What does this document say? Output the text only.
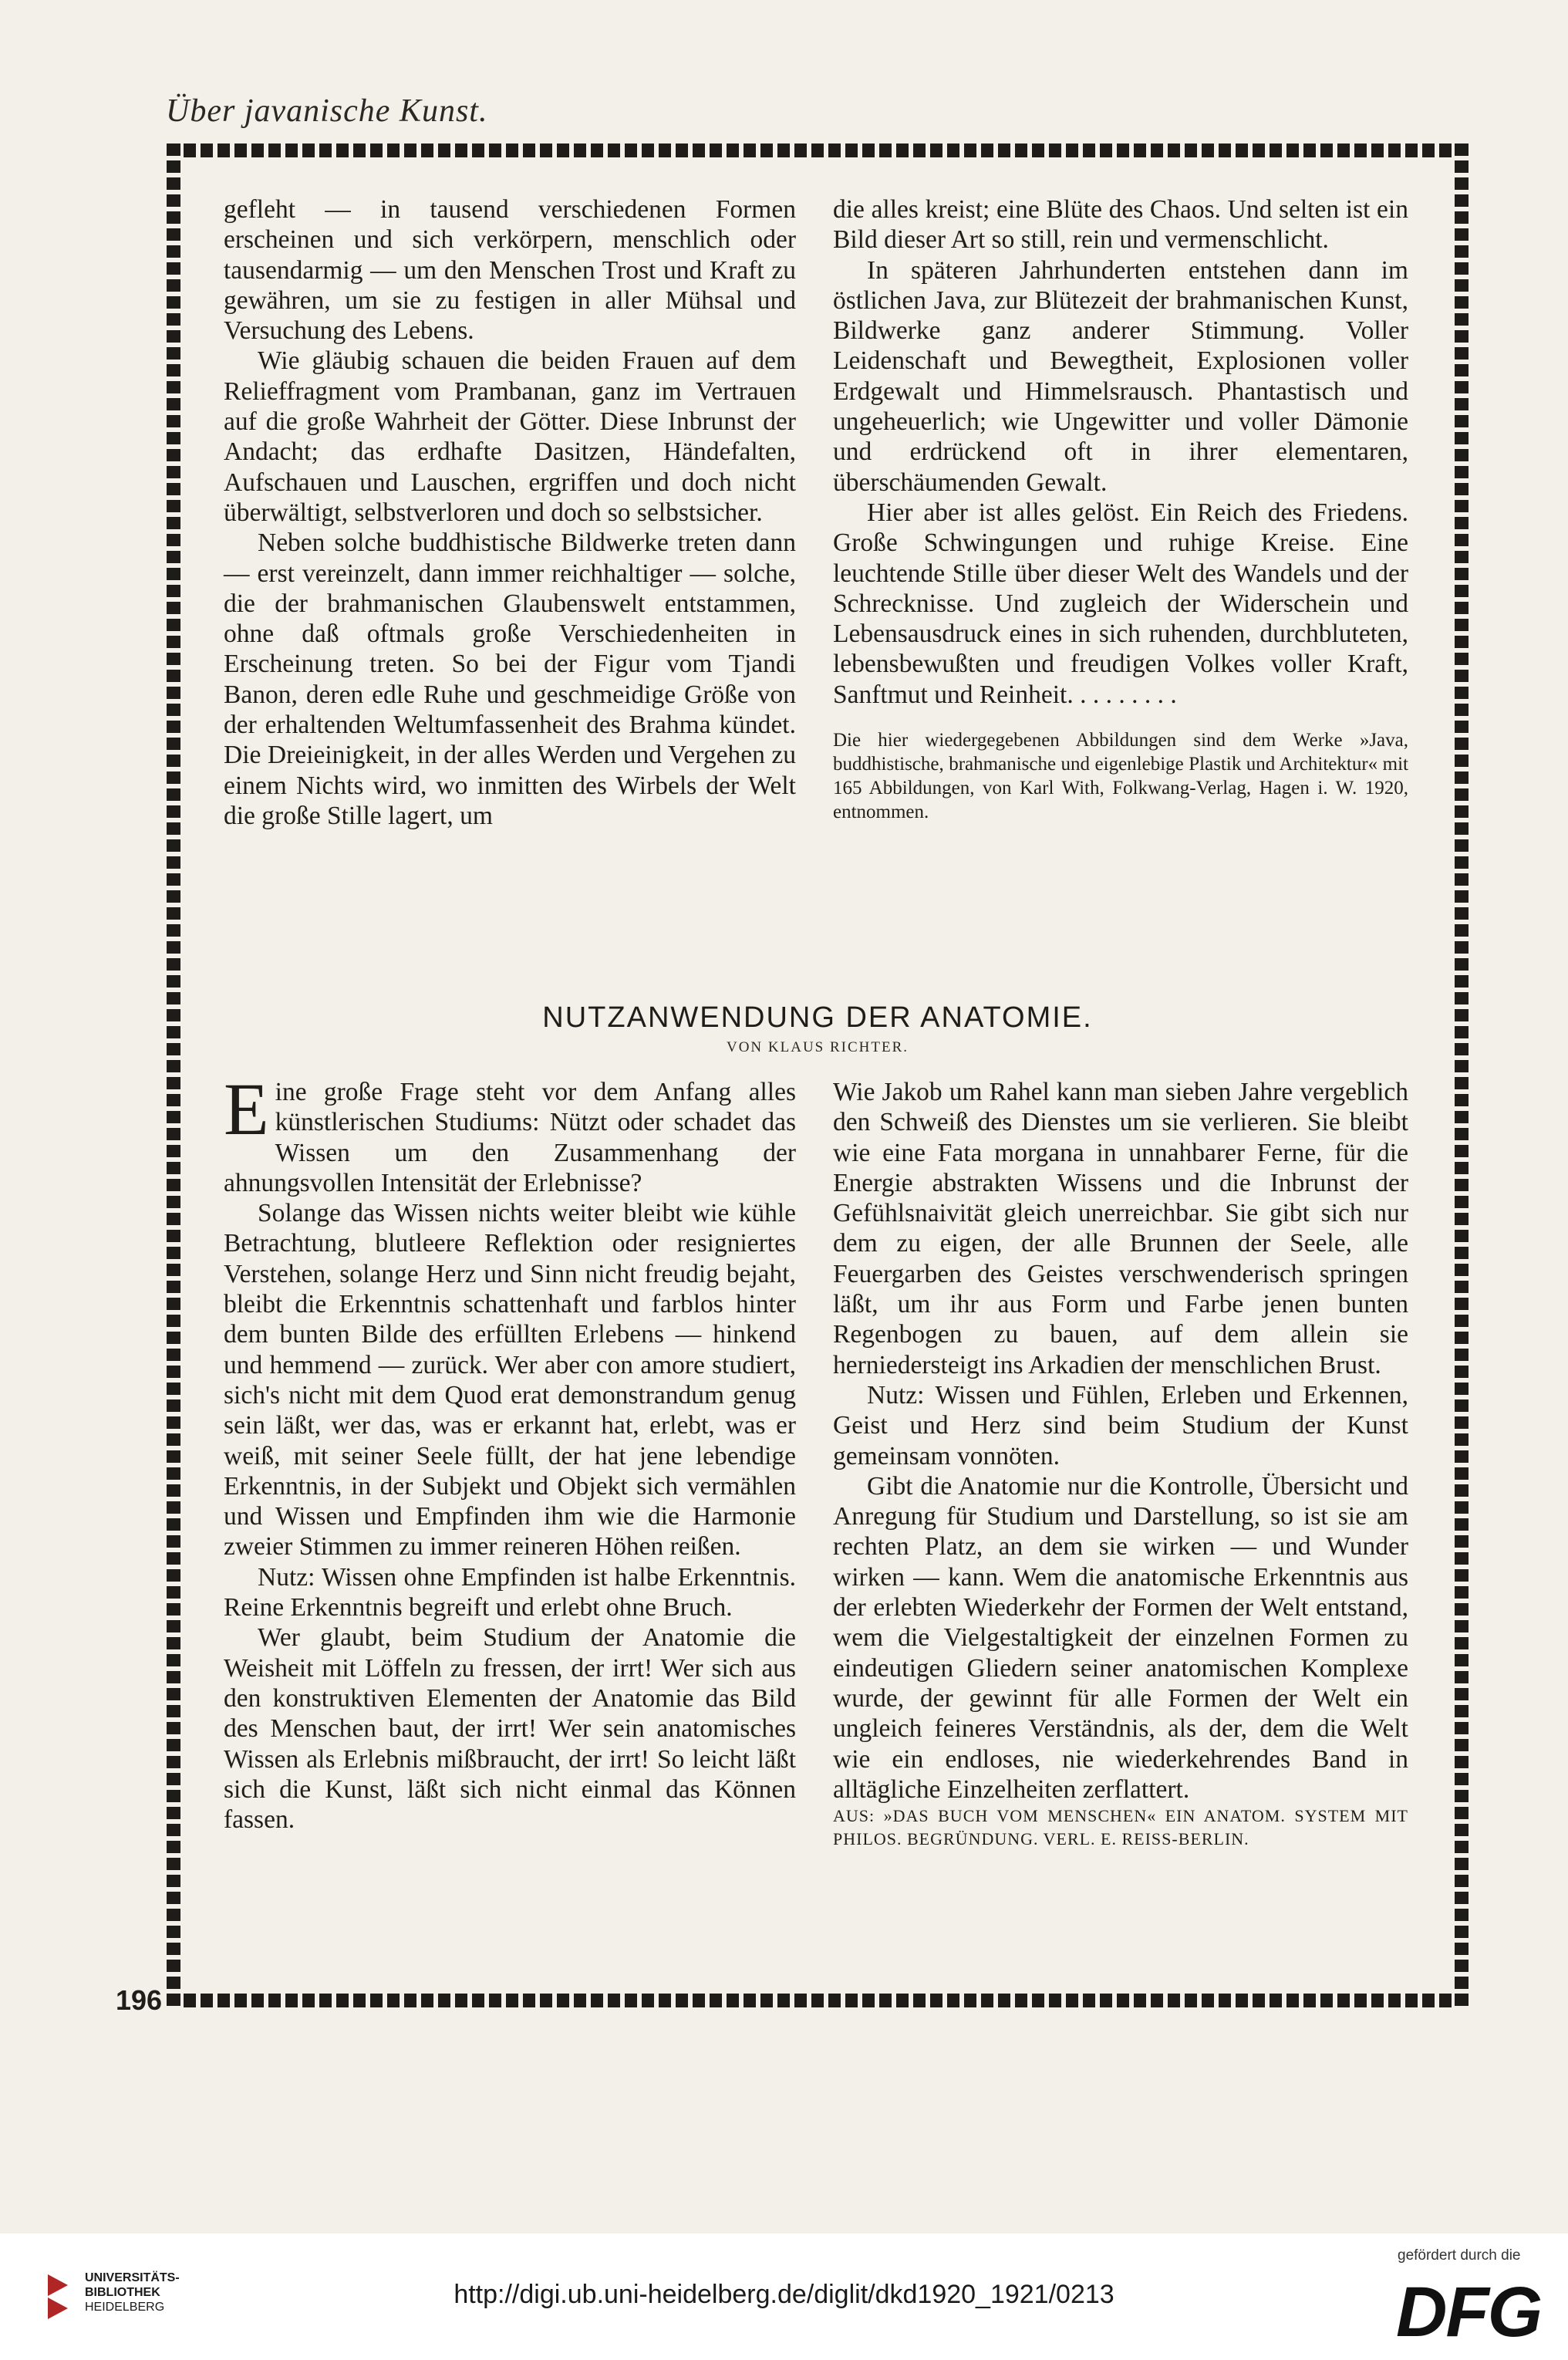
Über javanische Kunst.

gefleht — in tausend verschiedenen Formen erscheinen und sich verkörpern, menschlich oder tausendarmig — um den Menschen Trost und Kraft zu gewähren, um sie zu festigen in aller Mühsal und Versuchung des Lebens.

Wie gläubig schauen die beiden Frauen auf dem Relieffragment vom Prambanan, ganz im Vertrauen auf die große Wahrheit der Götter. Diese Inbrunst der Andacht; das erdhafte Dasitzen, Händefalten, Aufschauen und Lauschen, ergriffen und doch nicht überwältigt, selbstverloren und doch so selbstsicher.

Neben solche buddhistische Bildwerke treten dann — erst vereinzelt, dann immer reichhaltiger — solche, die der brahmanischen Glaubenswelt entstammen, ohne daß oftmals große Verschiedenheiten in Erscheinung treten. So bei der Figur vom Tjandi Banon, deren edle Ruhe und geschmeidige Größe von der erhaltenden Weltumfassenheit des Brahma kündet. Die Dreieinigkeit, in der alles Werden und Vergehen zu einem Nichts wird, wo inmitten des Wirbels der Welt die große Stille lagert, um

die alles kreist; eine Blüte des Chaos. Und selten ist ein Bild dieser Art so still, rein und vermenschlicht.

In späteren Jahrhunderten entstehen dann im östlichen Java, zur Blütezeit der brahmanischen Kunst, Bildwerke ganz anderer Stimmung. Voller Leidenschaft und Bewegtheit, Explosionen voller Erdgewalt und Himmelsrausch. Phantastisch und ungeheuerlich; wie Ungewitter und voller Dämonie und erdrückend oft in ihrer elementaren, überschäumenden Gewalt.

Hier aber ist alles gelöst. Ein Reich des Friedens. Große Schwingungen und ruhige Kreise. Eine leuchtende Stille über dieser Welt des Wandels und der Schrecknisse. Und zugleich der Widerschein und Lebensausdruck eines in sich ruhenden, durchbluteten, lebensbewußten und freudigen Volkes voller Kraft, Sanftmut und Reinheit. . . . . . . . .

Die hier wiedergegebenen Abbildungen sind dem Werke »Java, buddhistische, brahmanische und eigenlebige Plastik und Architektur« mit 165 Abbildungen, von Karl With, Folkwang-Verlag, Hagen i. W. 1920, entnommen.
NUTZANWENDUNG DER ANATOMIE.
VON KLAUS RICHTER.
E ine große Frage steht vor dem Anfang alles künstlerischen Studiums: Nützt oder schadet das Wissen um den Zusammenhang der ahnungsvollen Intensität der Erlebnisse?

Solange das Wissen nichts weiter bleibt wie kühle Betrachtung, blutleere Reflektion oder resigniertes Verstehen, solange Herz und Sinn nicht freudig bejaht, bleibt die Erkenntnis schattenhaft und farblos hinter dem bunten Bilde des erfüllten Erlebens — hinkend und hemmend — zurück. Wer aber con amore studiert, sich's nicht mit dem Quod erat demonstrandum genug sein läßt, wer das, was er erkannt hat, erlebt, was er weiß, mit seiner Seele füllt, der hat jene lebendige Erkenntnis, in der Subjekt und Objekt sich vermählen und Wissen und Empfinden ihm wie die Harmonie zweier Stimmen zu immer reineren Höhen reißen.

Nutz: Wissen ohne Empfinden ist halbe Erkenntnis. Reine Erkenntnis begreift und erlebt ohne Bruch.

Wer glaubt, beim Studium der Anatomie die Weisheit mit Löffeln zu fressen, der irrt! Wer sich aus den konstruktiven Elementen der Anatomie das Bild des Menschen baut, der irrt! Wer sein anatomisches Wissen als Erlebnis mißbraucht, der irrt! So leicht läßt sich die Kunst, läßt sich nicht einmal das Können fassen.

Wie Jakob um Rahel kann man sieben Jahre vergeblich den Schweiß des Dienstes um sie verlieren. Sie bleibt wie eine Fata morgana in unnahbarer Ferne, für die Energie abstrakten Wissens und die Inbrunst der Gefühlsnaivität gleich unerreichbar. Sie gibt sich nur dem zu eigen, der alle Brunnen der Seele, alle Feuergarben des Geistes verschwenderisch springen läßt, um ihr aus Form und Farbe jenen bunten Regenbogen zu bauen, auf dem allein sie herniedersteigt ins Arkadien der menschlichen Brust.

Nutz: Wissen und Fühlen, Erleben und Erkennen, Geist und Herz sind beim Studium der Kunst gemeinsam vonnöten.

Gibt die Anatomie nur die Kontrolle, Übersicht und Anregung für Studium und Darstellung, so ist sie am rechten Platz, an dem sie wirken — und Wunder wirken — kann. Wem die anatomische Erkenntnis aus der erlebten Wiederkehr der Formen der Welt entstand, wem die Vielgestaltigkeit der einzelnen Formen zu eindeutigen Gliedern seiner anatomischen Komplexe wurde, der gewinnt für alle Formen der Welt ein ungleich feineres Verständnis, als der, dem die Welt wie ein endloses, nie wiederkehrendes Band in alltägliche Einzelheiten zerflattert.

AUS: »DAS BUCH VOM MENSCHEN« EIN ANATOM. SYSTEM MIT PHILOS. BEGRÜNDUNG. VERL. E. REISS-BERLIN.
196
UNIVERSITÄTS-
BIBLIOTHEK
HEIDELBERG	http://digi.ub.uni-heidelberg.de/diglit/dkd1920_1921/0213
gefördert durch die
DFG
